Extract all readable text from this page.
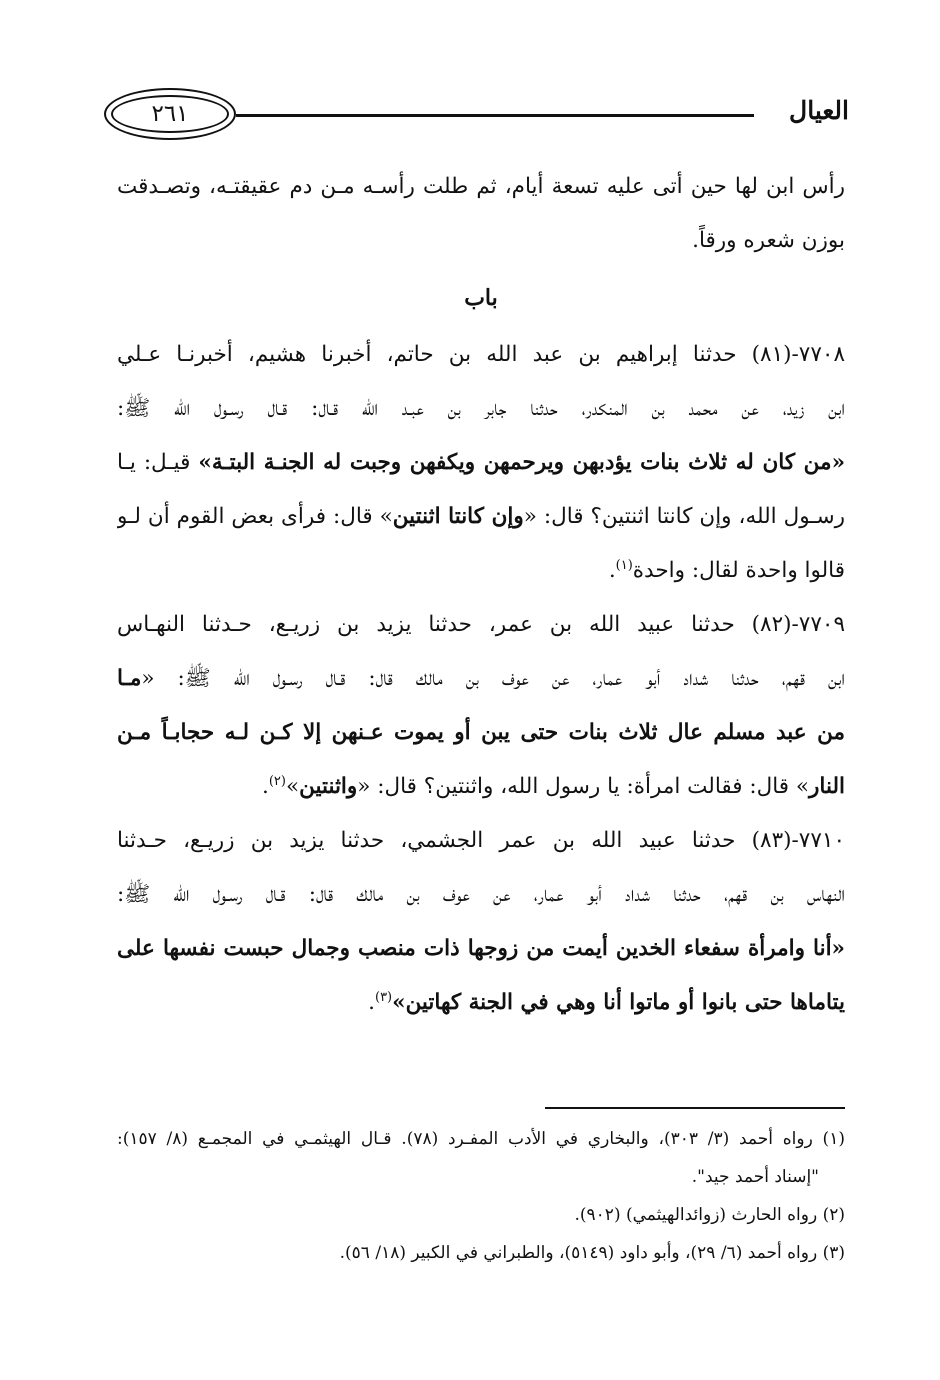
العيال
٢٦١
رأس ابن لها حين أتى عليه تسعة أيام، ثم طلت رأسـه مـن دم عقيقتـه، وتصـدقت
بوزن شعره ورقاً.
باب
٧٧٠٨-(٨١) حدثنا إبراهيم بن عبد الله بن حاتم، أخبرنا هشيم، أخبرنـا عـلي
ابن زيد، عن محمد بن المنكدر، حدثنا جابر بن عبـد الله قـال: قـال رسـول الله ﷺ:
«من كان له ثلاث بنات يؤدبهن ويرحمهن ويكفهن وجبت له الجنـة البتـة» قيـل: يـا
رسـول الله، وإن كانتا اثنتين؟ قال: «وإن كانتا اثنتين» قال: فرأى بعض القوم أن لـو
قالوا واحدة لقال: واحدة$^{(١)}$.
٧٧٠٩-(٨٢) حدثنا عبيد الله بن عمر، حدثنا يزيد بن زريـع، حـدثنا النهـاس
ابن قهم، حدثنا شداد أبو عمار، عن عوف بن مالك قال: قـال رسـول الله ﷺ: «مـا
من عبد مسلم عال ثلاث بنات حتى يبن أو يموت عـنهن إلا كـن لـه حجابـاً مـن
النار» قال: فقالت امرأة: يا رسول الله، واثنتين؟ قال: «واثنتين»$^{(٢)}$.
٧٧١٠-(٨٣) حدثنا عبيد الله بن عمر الجشمي، حدثنا يزيد بن زريـع، حـدثنا
النهاس بن قهم، حدثنا شداد أبو عمار، عن عوف بن مالك قال: قـال رسـول الله ﷺ:
«أنا وامرأة سفعاء الخدين أيمت من زوجها ذات منصب وجمال حبست نفسها على
يتاماها حتى بانوا أو ماتوا أنا وهي في الجنة كهاتين»$^{(٣)}$.
(١) رواه أحمد (٣/ ٣٠٣)، والبخاري في الأدب المفـرد (٧٨). قـال الهيثمـي في المجمـع (٨/ ١٥٧):
"إسناد أحمد جيد".
(٢) رواه الحارث (زوائدالهيثمي) (٩٠٢).
(٣) رواه أحمد (٦/ ٢٩)، وأبو داود (٥١٤٩)، والطبراني في الكبير (١٨/ ٥٦).
